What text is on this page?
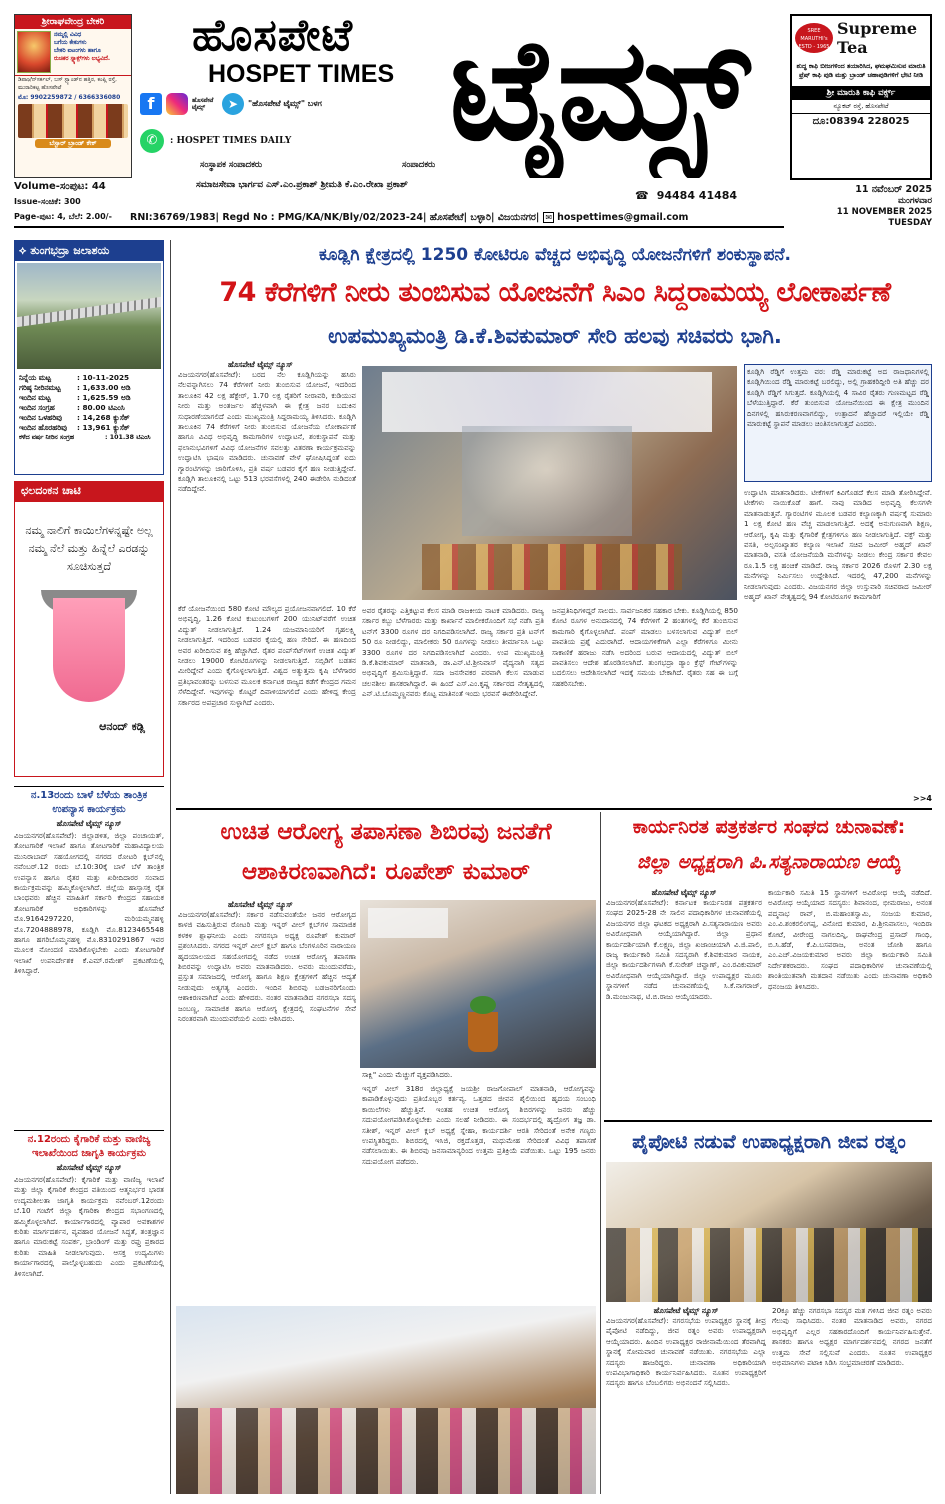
ಶ್ರೀರಾಘವೇಂದ್ರ ಬೇಕರಿ
ನಮ್ಮಲ್ಲಿ ವಿವಿಧ
ಬಗೆಯ ಕೇಕುಗಳು
ಬೇಕರಿ ಐಟಂಗಳು ಹಾಗೂ
ರುಚಿಕರ ಸ್ನ್ಯಾಕ್ಸ್‌ಗಳು ಲಭ್ಯವಿದೆ.
ಡಿಪಾಜ಼ಿನ್‌ಸರ್ಕಲ್, ಬಸ್ ಸ್ಟ್ಯಾಂಡ್‌ನ ಹತ್ತಿರ, ಕಂಪ್ಲಿ ರಸ್ತೆ, ಮುರಾರಿಕಟ್ಟ ಹೊಸಪೇಟೆ
ಮೊ: 9902259872 / 6366336080
ಬೆಸ್ಟಾರ್ ಬ್ರಾಂಡ್ ಕೇಕ್
ಹೊಸಪೇಟೆ
HOSPET TIMES ಟೈಮ್ಸ್
f	ಹೊಸಪೇಟೆ ಟೈಮ್ಸ್	➤	"ಹೊಸಪೇಟೆ ಟೈಮ್ಸ್" ಬಳಗ
✆	: HOSPET TIMES DAILY
ಸಂಸ್ಥಾಪಕ ಸಂಪಾದಕರು	ಸಂಪಾದಕರು
ಸಮಾಜಸೇವಾ ಭಾರ್ಗವ ಎಸ್.ಎಂ.ಪ್ರಕಾಶ್ ಶ್ರೀಮತಿ ಕೆ.ಎಂ.ರೇಖಾ ಪ್ರಕಾಶ್
Volume-ಸಂಪುಟ: 44
Issue-ಸಂಚಿಕೆ: 300
Page-ಪುಟ: 4, ಬೆಲೆ: 2.00/-
☎ 94484 41484
SREE MARUTHI's
ESTD - 1965
Supreme Tea
ಶುದ್ಧ ಕಾಫಿ ಬೀಜಗಳಿಂದ ತಯಾರಿಸಿದ, ಘಮಘಮಿಸುವ ಮಾರುತಿ ಫ್ರೆಷ್ ಕಾಫಿ ಪುಡಿ ಮತ್ತು ಬ್ರಾಂಡ್ ಚಹಾಪುಡಿಗಳಿಗೆ ಭೇಟಿ ನೀಡಿ
ಶ್ರೀ ಮಾರುತಿ ಕಾಫಿ ವರ್ಕ್ಸ್
ನ್ಯೂಕಟ್ ರಸ್ತೆ, ಹೊಸಪೇಟೆ
ದೂ:08394 228025
11 ನವೆಂಬರ್ 2025
ಮಂಗಳವಾರ
11 NOVEMBER 2025
TUESDAY
RNI:36769/1983| Regd No : PMG/KA/NK/Bly/02/2023-24| ಹೊಸಪೇಟೆ| ಬಳ್ಳಾರಿ| ವಿಜಯನಗರ| ✉ hospettimes@gmail.com
⟡ ತುಂಗಭದ್ರಾ ಜಲಾಶಯ
ನಿನ್ನೆಯ ಮಟ್ಟ	: 10-11-2025
ಗರಿಷ್ಠ ನೀರಿನಮಟ್ಟ	: 1,633.00 ಅಡಿ
ಇಂದಿನ ಮಟ್ಟ	: 1,625.59 ಅಡಿ
ಇಂದಿನ ಸಂಗ್ರಹ	: 80.00 ಟಿಎಂಸಿ
ಇಂದಿನ ಒಳಹರಿವು	: 14,268 ಕ್ಯುಸೆಕ್
ಇಂದಿನ ಹೊರಹರಿವು	: 13,961 ಕ್ಯುಸೆಕ್
ಕಳೆದ ವರ್ಷ ನೀರಿನ ಸಂಗ್ರಹ	: 101.38 ಟಿಎಂಸಿ
ಛಲದಂಕನ ಚಾಟಿ
ನಮ್ಮ ನಾಲಿಗೆ ಕಾಯಿಲೆಗಳನ್ನಷ್ಟೇ ಅಲ್ಲ ನಮ್ಮ ನೆಲೆ ಮತ್ತು ಹಿನ್ನೆಲೆ ಎರಡನ್ನು ಸೂಚಿಸುತ್ತದೆ
ಆನಂದ್ ಕಡ್ಲಿ
ನ.13ರಂದು ಬಾಳೆ ಬೆಳೆಯ ತಾಂತ್ರಿಕ ಉಪನ್ಯಾಸ ಕಾರ್ಯಕ್ರಮ
ಹೊಸಪೇಟೆ ಟೈಮ್ಸ್ ನ್ಯೂಸ್
ವಿಜಯನಗರ(ಹೊಸಪೇಟೆ): ಜಿಲ್ಲಾಡಳಿತ, ಜಿಲ್ಲಾ ಪಂಚಾಯತ್, ತೋಟಗಾರಿಕೆ ಇಲಾಖೆ ಹಾಗೂ ತೋಟಗಾರಿಕೆ ಮಹಾವಿದ್ಯಾಲಯ ಮುನಿರಾಬಾದ್ ಸಹಯೋಗದಲ್ಲಿ ನಗರದ ರೋಟರಿ ಕ್ಲಬ್‌ನಲ್ಲಿ ನವೆಂಬರ್.12 ರಂದು ಬೆ.10:30ಕ್ಕೆ ಬಾಳೆ ಬೆಳೆ ತಾಂತ್ರಿಕ ಉಪನ್ಯಾಸ ಹಾಗೂ ರೈತರ ಮತ್ತು ಖರೀದಿದಾರರ ಸಂವಾದ ಕಾರ್ಯಕ್ರಮವನ್ನು ಹಮ್ಮಿಕೊಳ್ಳಲಾಗಿದೆ. ಜಿಲ್ಲೆಯ ಹಾಸ್ತಾಸಕ್ತ ರೈತ ಬಾಂಧವರು ಹೆಚ್ಚಿನ ಮಾಹಿತಿಗೆ ಸರ್ಕಾರಿ ಕೇಂದ್ರದ ಸಹಾಯಕ ತೋಟಗಾರಿಕೆ ಅಧಿಕಾರಿಗಳನ್ನು ಹೊಸಪೇಟೆ ಮೊ.9164297220, ಮರಿಯಮ್ಮನಹಳ್ಳಿ ಮೊ.7204888978, ಕೂಡ್ಲಿಗಿ ಮೊ.8123465548 ಹಾಗೂ ಹಗರಿಬೊಮ್ಮನಹಳ್ಳಿ ಮೊ.8310291867 ಇವರ ಮೂಲಕ ನೋಂದಣಿ ಮಾಡಿಕೊಳ್ಳಬೇಕು ಎಂದು ತೋಟಗಾರಿಕೆ ಇಲಾಖೆ ಉಪನಿರ್ದೇಶಕ ಕೆ.ಎಮ್.ರಮೇಶ್ ಪ್ರಕಟಣೆಯಲ್ಲಿ ತಿಳಿಸಿದ್ದಾರೆ.
ನ.12ರಂದು ಕೈಗಾರಿಕೆ ಮತ್ತು ವಾಣಿಜ್ಯ ಇಲಾಖೆಯಿಂದ ಜಾಗೃತಿ ಕಾರ್ಯಕ್ರಮ
ಹೊಸಪೇಟೆ ಟೈಮ್ಸ್ ನ್ಯೂಸ್
ವಿಜಯನಗರ(ಹೊಸಪೇಟೆ): ಕೈಗಾರಿಕೆ ಮತ್ತು ವಾಣಿಜ್ಯ ಇಲಾಖೆ ಮತ್ತು ಜಿಲ್ಲಾ ಕೈಗಾರಿಕೆ ಕೇಂದ್ರದ ವತಿಯಿಂದ ಆತ್ಮನಿರ್ಭರ ಭಾರತ ಉದ್ಯಮಶೀಲತಾ ಜಾಗೃತಿ ಕಾರ್ಯಕ್ರಮ ನವೆಂಬರ್.12ರಂದು ಬೆ.10 ಗಂಟೆಗೆ ಜಿಲ್ಲಾ ಕೈಗಾರಿಕಾ ಕೇಂದ್ರದ ಸಭಾಂಗಣದಲ್ಲಿ ಹಮ್ಮಿಕೊಳ್ಳಲಾಗಿದೆ. ಕಾರ್ಯಾಗಾರದಲ್ಲಿ ವ್ಯಾಪಾರ ಅವಕಾಶಗಳ ಕುರಿತು ಮಾರ್ಗದರ್ಶನ, ವ್ಯವಹಾರ ಯೋಜನೆ ಸಿದ್ಧತೆ, ತಂತ್ರಜ್ಞಾನ ಹಾಗೂ ಮಾರುಕಟ್ಟೆ ಸಂಪರ್ಕ, ಬ್ರಾಂಡಿಂಗ್ ಮತ್ತು ರಫ್ತು ಪ್ರಕಾರದ ಕುರಿತು ಮಾಹಿತಿ ನೀಡಲಾಗುವುದು. ಆಸಕ್ತ ಉದ್ಯಮಿಗಳು ಕಾರ್ಯಾಗಾರದಲ್ಲಿ ಪಾಲ್ಗೊಳ್ಳಬಹುದು ಎಂದು ಪ್ರಕಟಣೆಯಲ್ಲಿ ತಿಳಿಸಲಾಗಿದೆ.
ಕೂಡ್ಲಿಗಿ ಕ್ಷೇತ್ರದಲ್ಲಿ 1250 ಕೋಟಿರೂ ವೆಚ್ಚದ ಅಭಿವೃದ್ಧಿ ಯೋಜನೆಗಳಿಗೆ ಶಂಕುಸ್ಥಾಪನೆ.
74 ಕೆರೆಗಳಿಗೆ ನೀರು ತುಂಬಿಸುವ ಯೋಜನೆಗೆ ಸಿಎಂ ಸಿದ್ದರಾಮಯ್ಯ ಲೋಕಾರ್ಪಣೆ
ಉಪಮುಖ್ಯಮಂತ್ರಿ ಡಿ.ಕೆ.ಶಿವಕುಮಾರ್ ಸೇರಿ ಹಲವು ಸಚಿವರು ಭಾಗಿ.
ಹೊಸಪೇಟೆ ಟೈಮ್ಸ್ ನ್ಯೂಸ್
ವಿಜಯನಗರ(ಹೊಸಪೇಟೆ): ಬರದ ನೆಲ ಕೂಡ್ಲಿಗಿಯನ್ನು ಹಸಿರು ನೆಲವನ್ನಾಗಿಸಲು 74 ಕೆರೆಗಳಿಗೆ ನೀರು ತುಂಬಿಸುವ ಯೋಜನೆ, ಇದರಿಂದ ತಾಲೂಕಿನ 42 ಲಕ್ಷ ಹೆಕ್ಟೇರ್, 1.70 ಲಕ್ಷ ರೈತರಿಗೆ ನೀರಾವರಿ, ಕುಡಿಯುವ ನೀರು ಮತ್ತು ಅಂತರ್ಜಲ ಹೆಚ್ಚಳವಾಗಿ ಈ ಕ್ಷೇತ್ರ ಜನರ ಬದುಕಿನ ಸುಧಾರಣೆಯಾಗಲಿದೆ ಎಂದು ಮುಖ್ಯಮಂತ್ರಿ ಸಿದ್ದರಾಮಯ್ಯ ತಿಳಿಸಿದರು. ಕೂಡ್ಲಿಗಿ ತಾಲೂಕಿನ 74 ಕೆರೆಗಳಿಗೆ ನೀರು ತುಂಬಿಸುವ ಯೋಜನೆಯ ಲೋಕಾರ್ಪಣೆ ಹಾಗೂ ವಿವಿಧ ಅಭಿವೃದ್ಧಿ ಕಾಮಗಾರಿಗಳ ಉದ್ಘಾಟನೆ, ಶಂಕುಸ್ಥಾಪನೆ ಮತ್ತು ಫಲಾನುಭವಿಗಳಿಗೆ ವಿವಿಧ ಯೋಜನೆಗಳ ಸವಲತ್ತು ವಿತರಣಾ ಕಾರ್ಯಕ್ರಮವನ್ನು ಉದ್ಘಾಟಿಸಿ ಭಾಷಣ ಮಾಡಿದರು. ಚುನಾವಣೆ ವೇಳೆ ಘೋಷಿಸಿದ್ದಂತೆ ಐದು ಗ್ಯಾರಂಟಿಗಳನ್ನು ಜಾರಿಗೊಳಿಸಿ, ಪ್ರತಿ ವರ್ಷ ಬಡವರ ಕೈಗೆ ಹಣ ನೀಡುತ್ತಿದ್ದೇವೆ. ಕೂಡ್ಲಿಗಿ ತಾಲೂಕಿನಲ್ಲಿ ಒಟ್ಟು 513 ಭರವಸೆಗಳಲ್ಲಿ 240 ಈಡೇರಿಸಿ ನುಡಿದಂತೆ ನಡೆದಿದ್ದೇವೆ.
ಕೆರೆ ಯೋಜನೆಯಿಂದ 580 ಕೋಟಿ ಮೌಲ್ಯದ ಪ್ರಯೋಜನವಾಗಲಿದೆ. 10 ಕೆರೆ ಅಭಿವೃದ್ಧಿ, 1.26 ಕೋಟಿ ಕುಟುಂಬಗಳಿಗೆ 200 ಯುನಿಟ್‌ವರೆಗೆ ಉಚಿತ ವಿದ್ಯುತ್ ನೀಡಲಾಗುತ್ತಿದೆ. 1.24 ಯಜಮಾನಿಯರಿಗೆ ಗೃಹಲಕ್ಷ್ಮಿ ನೀಡಲಾಗುತ್ತಿದೆ. ಇದರಿಂದ ಬಡವರ ಕೈಯಲ್ಲಿ ಹಣ ಸೇರಿದೆ. ಈ ಹಣದಿಂದ ಅವರ ಖರೀದಿಸುವ ಶಕ್ತಿ ಹೆಚ್ಚಾಗಿದೆ. ರೈತರ ಪಂಪ್‌ಸೆಟ್‌ಗಳಿಗೆ ಉಚಿತ ವಿದ್ಯುತ್ ನೀಡಲು 19000 ಕೋಟಿರೂಗಳನ್ನು ನೀಡಲಾಗುತ್ತಿದೆ. ಸಬ್ಸಿಡಿಗೆ ಬಡತನ ಮೀರಿದ್ದೇವೆ ಎಂದು ಕೈಗೊಳ್ಳಲಾಗುತ್ತಿದೆ. ವಿಶ್ವದ ಅತ್ಯುತ್ತಮ ಕೃಷಿ ಬೆಳೆಗಾರರ ಪ್ರತಿಭಾವಂತರನ್ನು ಬಳಸುವ ಮೂಲಕ ಕರ್ನಾಟಕ ರಾಜ್ಯದ ಕಡೆಗೆ ಕೇಂದ್ರದ ಗಮನ ಸೆಳೆದಿದ್ದೇವೆ. ಇವುಗಳನ್ನು ಕೊಟ್ಟರೆ ದಿವಾಳಿಯಾಗಲಿದೆ ಎಂದು ಹೇಳಿದ್ದ ಕೇಂದ್ರ ಸರ್ಕಾರದ ಅಪಪ್ರಚಾರ ಸುಳ್ಳಾಗಿದೆ ಎಂದರು.
ಅವರ ರೈತರನ್ನು ಎತ್ತಿಕಟ್ಟುವ ಕೆಲಸ ಮಾಡಿ ರಾಜಕೀಯ ನಾಟಕ ಮಾಡಿದರು. ರಾಜ್ಯ ಸರ್ಕಾರ ಕಬ್ಬು ಬೆಳೆಗಾರರು ಮತ್ತು ಕಾರ್ಖಾನೆ ಮಾಲೀಕರೊಂದಿಗೆ ಸಭೆ ನಡೆಸಿ ಪ್ರತಿ ಟನ್‌ಗೆ 3300 ರೂಗಳ ದರ ನಿಗದಿಪಡಿಸಲಾಗಿದೆ. ರಾಜ್ಯ ಸರ್ಕಾರ ಪ್ರತಿ ಟನ್‌ಗೆ 50 ರೂ ನೀಡಲಿದ್ದು, ಮಾಲೀಕರು 50 ರೂಗಳನ್ನು ನೀಡಲು ತೀರ್ಮಾನಿಸಿ ಒಟ್ಟು 3300 ರೂಗಳ ದರ ನಿಗದಿಪಡಿಸಲಾಗಿದೆ ಎಂದರು. ಉಪ ಮುಖ್ಯಮಂತ್ರಿ ಡಿ.ಕೆ.ಶಿವಕುಮಾರ್ ಮಾತನಾಡಿ, ಡಾ.ಎನ್.ಟಿ.ಶ್ರೀನಿವಾಸ್ ವೈದ್ಯನಾಗಿ ಸತ್ಯದ ಅಭಿವೃದ್ಧಿಗೆ ಶ್ರಮಿಸುತ್ತಿದ್ದಾರೆ. ಸದಾ ಜನಸೇವಕರ ಪರವಾಗಿ ಕೆಲಸ ಮಾಡುವ ಚಲನಶೀಲ ಶಾಸಕರಾಗಿದ್ದಾರೆ. ಈ ಹಿಂದೆ ಎಸ್.ಎಂ.ಕೃಷ್ಣ ಸರ್ಕಾರದ ನೇತೃತ್ವದಲ್ಲಿ ಎನ್.ಟಿ.ಬೊಮ್ಮಣ್ಣನವರು ಕೊಟ್ಟ ಮಾತಿನಂತೆ ಇಂದು ಭರವಸೆ ಈಡೇರಿಸಿದ್ದೇವೆ.
ಜನಪ್ರತಿನಿಧಿಗಳಿದ್ದರೆ ಸಾಲದು. ಸಾರ್ವಜನಿಕರ ಸಹಕಾರ ಬೇಕು. ಕೂಡ್ಲಿಗಿಯಲ್ಲಿ 850 ಕೋಟಿ ರೂಗಳ ಅನುದಾನದಲ್ಲಿ 74 ಕೆರೆಗಳಿಗೆ 2 ಹಂತಗಳಲ್ಲಿ ಕೆರೆ ತುಂಬಿಸುವ ಕಾಮಗಾರಿ ಕೈಗೊಳ್ಳಲಾಗಿದೆ. ಪಂಪ್ ಮಾಡಲು ಬಳಸಲಾಗುವ ವಿದ್ಯುತ್ ಬಿಲ್ ಪಾವತಿಯ ಪ್ರಶ್ನೆ ಎದುರಾಗಿದೆ. ಆದಾಯಗಳಿಕೆಗಾಗಿ ಎಲ್ಲಾ ಕೆರೆಗಳಿಗೂ ಮೀನು ಸಾಕಾಣಿಕೆ ಹರಾಜು ನಡೆಸಿ ಅದರಿಂದ ಬರುವ ಆದಾಯದಲ್ಲಿ ವಿದ್ಯುತ್ ಬಿಲ್ ಪಾವತಿಸಲು ಆದೇಶ ಹೊರಡಿಸಲಾಗಿದೆ. ತುಂಗಭದ್ರಾ ಡ್ಯಾಂ ಕ್ರೆಸ್ಟ್ ಗೇಟ್‌ಗಳನ್ನು ಬದಲಿಸಲು ಆದೇಶಿಸಲಾಗಿದೆ ಇದಕ್ಕೆ ಸಮಯ ಬೇಕಾಗಿದೆ. ರೈತರು ಸಹ ಈ ಬಗ್ಗೆ ಸಹಕರಿಸಬೇಕು.
ಕೂಡ್ಲಿಗಿ ರೆಡ್ಡಿಗೆ ಉತ್ತಮ ವರ: ರೆಡ್ಡಿ ಮಾರುಕಟ್ಟೆ ಅದ ರಾಜಧಾನಿಗಳಲ್ಲಿ ಕೂಡ್ಲಿಗಿಯಿಂದ ರೆಡ್ಡಿ ಮಾರುಕಟ್ಟೆ ಬರಲಿದ್ದು, ಅಲ್ಲಿ ಗ್ರಾಹಕರಿದ್ದೀರಿ ಅತಿ ಹೆಚ್ಚು ದರ ಕೂಡ್ಲಿಗಿ ರೆಡ್ಡಿಗೆ ಸಿಗುತ್ತದೆ. ಕೂಡ್ಲಿಗಿಯಲ್ಲಿ 4 ಸಾವಿರ ರೈತರು ಗುಣಮಟ್ಟದ ರೆಡ್ಡಿ ಬೆಳೆಯುತ್ತಿದ್ದಾರೆ. ಕೆರೆ ತುಂಬಿಸುವ ಯೋಜನೆಯಿಂದ ಈ ಕ್ಷೇತ್ರ ಮುಂದಿನ ದಿನಗಳಲ್ಲಿ ಹಸಿರುಕರಣವಾಗಲಿದ್ದು, ಉತ್ಪಾದನೆ ಹೆಚ್ಚಾದರೆ ಇಲ್ಲಿಯೇ ರೆಡ್ಡಿ ಮಾರುಕಟ್ಟೆ ಸ್ಥಾಪನೆ ಮಾಡಲು ಚಿಂತಿಸಲಾಗುತ್ತದೆ ಎಂದರು.
ಉದ್ಘಾಟಿಸಿ ಮಾತನಾಡಿದರು. ಟೀಕೆಗಳಿಗೆ ಕಿವಿಗೊಡದೆ ಕೆಲಸ ಮಾಡಿ ತೋರಿಸಿದ್ದೇವೆ. ಟೀಕೆಗಳು ನಾಯಿಕೊಡೆ ಹಾಗೆ. ನಾವು ಮಾಡಿದ ಅಭಿವೃದ್ಧಿ ಕೆಲಸಗಳೇ ಮಾತನಾಡುತ್ತವೆ. ಗ್ಯಾರಂಟಿಗಳ ಮೂಲಕ ಬಡವರ ಕಲ್ಯಾಣಕ್ಕಾಗಿ ವರ್ಷಕ್ಕೆ ಸುಮಾರು 1 ಲಕ್ಷ ಕೋಟಿ ಹಣ ವೆಚ್ಚ ಮಾಡಲಾಗುತ್ತಿದೆ. ಅದಕ್ಕೆ ಅನುಗುಣವಾಗಿ ಶಿಕ್ಷಣ, ಆರೋಗ್ಯ, ಕೃಷಿ ಮತ್ತು ಕೈಗಾರಿಕೆ ಕ್ಷೇತ್ರಗಳಿಗೂ ಹಣ ನೀಡಲಾಗುತ್ತಿದೆ. ವಕ್ಫ್ ಮತ್ತು ವಸತಿ, ಅಲ್ಪಸಂಖ್ಯಾತರ ಕಲ್ಯಾಣ ಇಲಾಖೆ ಸಚಿವ ಜಮೀರ್ ಅಹ್ಮದ್ ಖಾನ್ ಮಾತನಾಡಿ, ವಸತಿ ಯೋಜನೆಯಡಿ ಮನೆಗಳನ್ನು ನೀಡಲು ಕೇಂದ್ರ ಸರ್ಕಾರ ಕೇವಲ ರೂ.1.5 ಲಕ್ಷ ಹಂಚಿಕೆ ಮಾಡಿದೆ. ರಾಜ್ಯ ಸರ್ಕಾರ 2026 ರೊಳಗೆ 2.30 ಲಕ್ಷ ಮನೆಗಳನ್ನು ನಿರ್ಮಿಸಲು ಉದ್ದೇಶಿಸಿದೆ. ಇದರಲ್ಲಿ 47,200 ಮನೆಗಳನ್ನು ನೀಡಲಾಗುವುದು ಎಂದರು. ವಿಜಯನಗರ ಜಿಲ್ಲಾ ಉಸ್ತುವಾರಿ ಸಚಿವರಾದ ಜಮೀರ್ ಅಹ್ಮದ್ ಖಾನ್ ನೇತೃತ್ವದಲ್ಲಿ 94 ಕೋಟಿರೂಗಳ ಕಾಮಗಾರಿಗೆ
>>4
ಉಚಿತ ಆರೋಗ್ಯ ತಪಾಸಣಾ ಶಿಬಿರವು ಜನತೆಗೆ ಆಶಾಕಿರಣವಾಗಿದೆ: ರೂಪೇಶ್ ಕುಮಾರ್
ಹೊಸಪೇಟೆ ಟೈಮ್ಸ್ ನ್ಯೂಸ್
ವಿಜಯನಗರ(ಹೊಸಪೇಟೆ): ಸರ್ಕಾರ ನಡೆಸುವಂತೆಯೇ ಜನರ ಆರೋಗ್ಯದ ಕಾಳಜಿ ವಹಿಸುತ್ತಿರುವ ರೋಟರಿ ಮತ್ತು ಇನ್ನರ್ ವೀಲ್ ಕ್ಲಬ್‌ಗಳ ಸಾಮಾಜಿಕ ಕಳಕಳಿ ಶ್ಲಾಘನೀಯ ಎಂದು ನಗರಸಭಾ ಅಧ್ಯಕ್ಷ ರೂಪೇಶ್ ಕುಮಾರ್ ಪ್ರಶಂಸಿಸಿದರು. ನಗರದ ಇನ್ನರ್ ವೀಲ್ ಕ್ಲಬ್ ಹಾಗೂ ಬೆಂಗಳೂರಿನ ನಾರಾಯಣ ಹೃದಯಾಲಯದ ಸಹಯೋಗದಲ್ಲಿ ನಡೆದ ಉಚಿತ ಆರೋಗ್ಯ ತಪಾಸಣಾ ಶಿಬಿರವನ್ನು ಉದ್ಘಾಟಿಸಿ ಅವರು ಮಾತನಾಡಿದರು. ಅವರು ಮುಂದುವರೆದು, ಪ್ರಸ್ತುತ ಸಮಾಜದಲ್ಲಿ ಆರೋಗ್ಯ ಹಾಗೂ ಶಿಕ್ಷಣ ಕ್ಷೇತ್ರಗಳಿಗೆ ಹೆಚ್ಚಿನ ಆದ್ಯತೆ ನೀಡುವುದು ಅತ್ಯಗತ್ಯ ಎಂದರು. ಇಂದಿನ ಶಿಬಿರವು ಬಡಜನರಿಗೊಂದು ಆಶಾಕಿರಣವಾಗಿದೆ ಎಂದು ಹೇಳಿದರು. ನಂತರ ಮಾತನಾಡಿದ ನಗರಸಭಾ ಸದಸ್ಯ ಜಂಬಣ್ಣ, ಸಾಮಾಜಿಕ ಹಾಗೂ ಆರೋಗ್ಯ ಕ್ಷೇತ್ರದಲ್ಲಿ ಸಂಘಟನೆಗಳ ಸೇವೆ ನಿರಂತರವಾಗಿ ಮುಂದುವರೆಯಲಿ ಎಂದು ಆಶಿಸಿದರು.
ಸಾಕ್ಷಿ" ಎಂದು ಮೆಚ್ಚುಗೆ ವ್ಯಕ್ತಪಡಿಸಿದರು.
ಇನ್ನರ್ ವೀಲ್ 318ರ ಜಿಲ್ಲಾಧ್ಯಕ್ಷೆ ಜಯಶ್ರೀ ರಾಜಗೋಪಾಲ್ ಮಾತನಾಡಿ, ಆರೋಗ್ಯವನ್ನು ಕಾಪಾಡಿಕೊಳ್ಳುವುದು ಪ್ರತಿಯೊಬ್ಬರ ಕರ್ತವ್ಯ. ಒತ್ತಡದ ಜೀವನ ಶೈಲಿಯಿಂದ ಹೃದಯ ಸಂಬಂಧಿ ಕಾಯಿಲೆಗಳು ಹೆಚ್ಚುತ್ತಿವೆ. ಇಂತಹ ಉಚಿತ ಆರೋಗ್ಯ ಶಿಬಿರಗಳನ್ನು ಜನರು ಹೆಚ್ಚು ಸದುಪಯೋಗಪಡಿಸಿಕೊಳ್ಳಬೇಕು ಎಂದು ಸಲಹೆ ನೀಡಿದರು. ಈ ಸಂದರ್ಭದಲ್ಲಿ ಹೃದ್ರೋಗ ತಜ್ಞ ಡಾ. ಸತೀಶ್, ಇನ್ನರ್ ವೀಲ್ ಕ್ಲಬ್ ಅಧ್ಯಕ್ಷೆ ಸ್ನೇಹಾ, ಕಾರ್ಯದರ್ಶಿ ಆರತಿ ಸೇರಿದಂತೆ ಅನೇಕ ಗಣ್ಯರು ಉಪಸ್ಥಿತರಿದ್ದರು. ಶಿಬಿರದಲ್ಲಿ ಇಸಿಜಿ, ರಕ್ತದೊತ್ತಡ, ಮಧುಮೇಹ ಸೇರಿದಂತೆ ವಿವಿಧ ತಪಾಸಣೆ ನಡೆಸಲಾಯಿತು. ಈ ಶಿಬಿರವು ಜನಸಾಮಾನ್ಯರಿಂದ ಉತ್ತಮ ಪ್ರತಿಕ್ರಿಯೆ ಪಡೆಯಿತು. ಒಟ್ಟು 195 ಜನರು ಸದುಪಯೋಗ ಪಡೆದರು.
ಕಾರ್ಯನಿರತ ಪತ್ರಕರ್ತರ ಸಂಘದ ಚುನಾವಣೆ:
ಜಿಲ್ಲಾ ಅಧ್ಯಕ್ಷರಾಗಿ ಪಿ.ಸತ್ಯನಾರಾಯಣ ಆಯ್ಕೆ
ಹೊಸಪೇಟೆ ಟೈಮ್ಸ್ ನ್ಯೂಸ್
ವಿಜಯನಗರ(ಹೊಸಪೇಟೆ): ಕರ್ನಾಟಕ ಕಾರ್ಯನಿರತ ಪತ್ರಕರ್ತರ ಸಂಘದ 2025-28 ನೇ ಸಾಲಿನ ಪದಾಧಿಕಾರಿಗಳ ಚುನಾವಣೆಯಲ್ಲಿ ವಿಜಯನಗರ ಜಿಲ್ಲಾ ಘಟಕದ ಅಧ್ಯಕ್ಷರಾಗಿ ಪಿ.ಸತ್ಯನಾರಾಯಣ ಅವರು ಅವಿರೋಧವಾಗಿ ಆಯ್ಕೆಯಾಗಿದ್ದಾರೆ. ಜಿಲ್ಲಾ ಪ್ರಧಾನ ಕಾರ್ಯದರ್ಶಿಯಾಗಿ ಕೆ.ಲಕ್ಷ್ಮಣ, ಜಿಲ್ಲಾ ಖಜಾಂಚಿಯಾಗಿ ವಿ.ಜಿ.ಪಾಲಿ, ರಾಜ್ಯ ಕಾರ್ಯಕಾರಿ ಸಮಿತಿ ಸದಸ್ಯರಾಗಿ ಕೆ.ಶಿವಕುಮಾರ ನಾಯಕ, ಜಿಲ್ಲಾ ಕಾರ್ಯದರ್ಶಿಗಳಾಗಿ ಕೆ.ಸುರೇಶ್ ಚವ್ಹಾಣ್, ಎಂ.ರವಿಕುಮಾರ್ ಅವಿರೋಧವಾಗಿ ಆಯ್ಕೆಯಾಗಿದ್ದಾರೆ. ಜಿಲ್ಲಾ ಉಪಾಧ್ಯಕ್ಷರ ಮೂರು ಸ್ಥಾನಗಳಿಗೆ ನಡೆದ ಚುನಾವಣೆಯಲ್ಲಿ ಸಿ.ಕೆ.ನಾಗರಾಜ್, ಡಿ.ಮಂಜುನಾಥ, ಟಿ.ಬಿ.ರಾಜು ಆಯ್ಕೆಯಾದರು.
ಕಾರ್ಯಕಾರಿ ಸಮಿತಿ 15 ಸ್ಥಾನಗಳಿಗೆ ಅವಿರೋಧ ಆಯ್ಕೆ ನಡೆದಿದೆ. ಅವಿರೋಧ ಆಯ್ಕೆಯಾದ ಸದಸ್ಯರು: ಶಿವಾನಂದ, ಭೀಮರಾಜು, ಅನಂತ ಪದ್ಮನಾಭ ರಾವ್, ಬಿ.ಮಹಾಂತಸ್ವಾಮಿ, ಸಂಜಯ ಕುಮಾರ, ಎಂ.ವಿ.ಶಂಕರಲಿಂಗಪ್ಪ, ವಿನೋದ ಕುಮಾರ, ಪಿ.ಶ್ರೀನಿವಾಸಲು, ಇಂದಿರಾ ಕೋಟೆ, ವೀರೇಂದ್ರ ನಾಗಲದಿನ್ನಿ, ರಾಘವೇಂದ್ರ ಪ್ರಸಾದ್ ಗಾಂಧಿ, ಬಿ.ಸಿ.ಹೆಡೆ, ಕೆ.ಪಿ.ಬಸವರಾಜ, ಅನಂತ ಜೋಶಿ ಹಾಗೂ ಎಂ.ಎಚ್.ವಿಜಯಕುಮಾರ ಅವರು ಜಿಲ್ಲಾ ಕಾರ್ಯಕಾರಿ ಸಮಿತಿ ನಿರ್ದೇಶಕರಾದರು. ಸಂಘದ ಪದಾಧಿಕಾರಿಗಳ ಚುನಾವಣೆಯಲ್ಲಿ ಶಾಂತಿಯುತವಾಗಿ ಮತದಾನ ನಡೆಯಿತು ಎಂದು ಚುನಾವಣಾ ಅಧಿಕಾರಿ ಧನಂಜಯ ತಿಳಿಸಿದರು.
ಪೈಪೋಟಿ ನಡುವೆ ಉಪಾಧ್ಯಕ್ಷರಾಗಿ ಜೀವ ರತ್ನಂ
ಹೊಸಪೇಟೆ ಟೈಮ್ಸ್ ನ್ಯೂಸ್
ವಿಜಯನಗರ(ಹೊಸಪೇಟೆ): ನಗರಸಭೆಯ ಉಪಾಧ್ಯಕ್ಷರ ಸ್ಥಾನಕ್ಕೆ ತೀವ್ರ ಪೈಪೋಟಿ ನಡೆದಿದ್ದು, ಜೀವ ರತ್ನಂ ಅವರು ಉಪಾಧ್ಯಕ್ಷರಾಗಿ ಆಯ್ಕೆಯಾದರು. ಹಿಂದಿನ ಉಪಾಧ್ಯಕ್ಷರ ರಾಜೀನಾಮೆಯಿಂದ ತೆರವಾಗಿದ್ದ ಸ್ಥಾನಕ್ಕೆ ಸೋಮವಾರ ಚುನಾವಣೆ ನಡೆಯಿತು. ನಗರಸಭೆಯ ಎಲ್ಲಾ ಸದಸ್ಯರು ಹಾಜರಿದ್ದರು. ಚುನಾವಣಾ ಅಧಿಕಾರಿಯಾಗಿ ಉಪವಿಭಾಗಾಧಿಕಾರಿ ಕಾರ್ಯನಿರ್ವಹಿಸಿದರು. ನೂತನ ಉಪಾಧ್ಯಕ್ಷರಿಗೆ ಸದಸ್ಯರು ಹಾಗೂ ಬೆಂಬಲಿಗರು ಅಭಿನಂದನೆ ಸಲ್ಲಿಸಿದರು.
20ಕ್ಕೂ ಹೆಚ್ಚು ನಗರಸಭಾ ಸದಸ್ಯರ ಮತ ಗಳಿಸಿದ ಜೀವ ರತ್ನಂ ಅವರು ಗೆಲುವು ಸಾಧಿಸಿದರು. ನಂತರ ಮಾತನಾಡಿದ ಅವರು, ನಗರದ ಅಭಿವೃದ್ಧಿಗೆ ಎಲ್ಲರ ಸಹಕಾರದೊಂದಿಗೆ ಕಾರ್ಯನಿರ್ವಹಿಸುತ್ತೇನೆ. ಶಾಸಕರು ಹಾಗೂ ಅಧ್ಯಕ್ಷರ ಮಾರ್ಗದರ್ಶನದಲ್ಲಿ ನಗರದ ಜನತೆಗೆ ಉತ್ತಮ ಸೇವೆ ಸಲ್ಲಿಸುವೆ ಎಂದರು. ನೂತನ ಉಪಾಧ್ಯಕ್ಷರ ಅಭಿಮಾನಿಗಳು ಪಟಾಕಿ ಸಿಡಿಸಿ ಸಂಭ್ರಮಾಚರಣೆ ಮಾಡಿದರು.
